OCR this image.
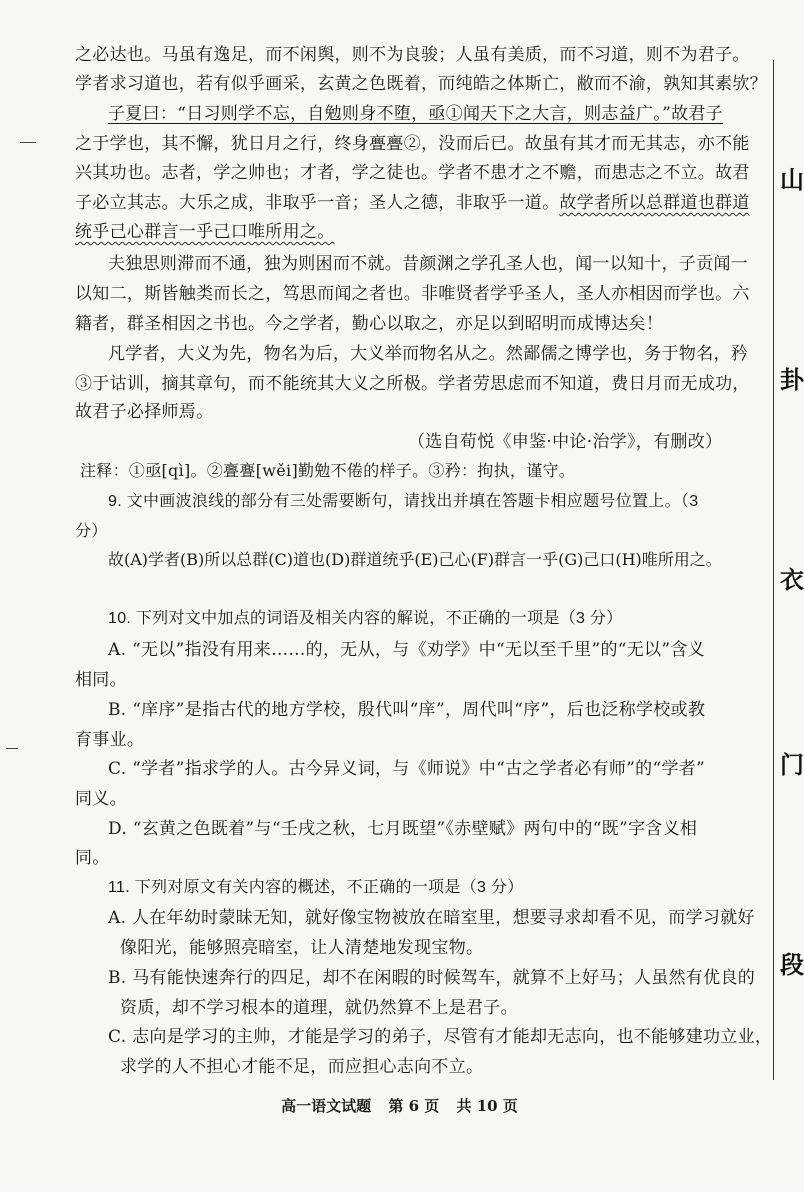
之必达也。马虽有逸足，而不闲舆，则不为良骏；人虽有美质，而不习道，则不为君子。
学者求习道也，若有似乎画采，玄黄之色既着，而纯皓之体斯亡，敝而不渝，孰知其素欤？
子夏曰：“日习则学不忘，自勉则身不堕，亟①闻天下之大言，则志益广。”故君子
之于学也，其不懈，犹日月之行，终身亹亹②，没而后已。故虽有其才而无其志，亦不能
兴其功也。志者，学之帅也；才者，学之徒也。学者不患才之不赡，而患志之不立。故君
子必立其志。大乐之成，非取乎一音；圣人之德，非取乎一道。故学者所以总群道也群道
统乎己心群言一乎己口唯所用之。
夫独思则滞而不通，独为则困而不就。昔颜渊之学孔圣人也，闻一以知十，子贡闻一
以知二，斯皆触类而长之，笃思而闻之者也。非唯贤者学乎圣人，圣人亦相因而学也。六
籍者，群圣相因之书也。今之学者，勤心以取之，亦足以到昭明而成博达矣！
凡学者，大义为先，物名为后，大义举而物名从之。然鄙儒之博学也，务于物名，矜
③于诂训，摘其章句，而不能统其大义之所极。学者劳思虑而不知道，费日月而无成功，
故君子必择师焉。
（选自荀悦《申鉴·中论·治学》，有删改）
注释：①亟[qì]。②亹亹[wěi]勤勉不倦的样子。③矜：拘执，谨守。
9. 文中画波浪线的部分有三处需要断句，请找出并填在答题卡相应题号位置上。（3
分）
故(A)学者(B)所以总群(C)道也(D)群道统乎(E)己心(F)群言一乎(G)己口(H)唯所用之。
10. 下列对文中加点的词语及相关内容的解说，不正确的一项是（3 分）
A. “无以”指没有用来……的，无从，与《劝学》中“无以至千里”的“无以”含义
相同。
B. “庠序”是指古代的地方学校，殷代叫“庠”，周代叫“序”，后也泛称学校或教
育事业。
C. “学者”指求学的人。古今异义词，与《师说》中“古之学者必有师”的“学者”
同义。
D. “玄黄之色既着”与“壬戌之秋，七月既望”《赤壁赋》两句中的“既”字含义相
同。
11. 下列对原文有关内容的概述，不正确的一项是（3 分）
A. 人在年幼时蒙昧无知，就好像宝物被放在暗室里，想要寻求却看不见，而学习就好
像阳光，能够照亮暗室，让人清楚地发现宝物。
B. 马有能快速奔行的四足，却不在闲暇的时候驾车，就算不上好马；人虽然有优良的
资质，却不学习根本的道理，就仍然算不上是君子。
C. 志向是学习的主帅，才能是学习的弟子，尽管有才能却无志向，也不能够建功立业，
求学的人不担心才能不足，而应担心志向不立。
高一语文试题 第 6 页 共 10 页
山
卦
衣
门
段
